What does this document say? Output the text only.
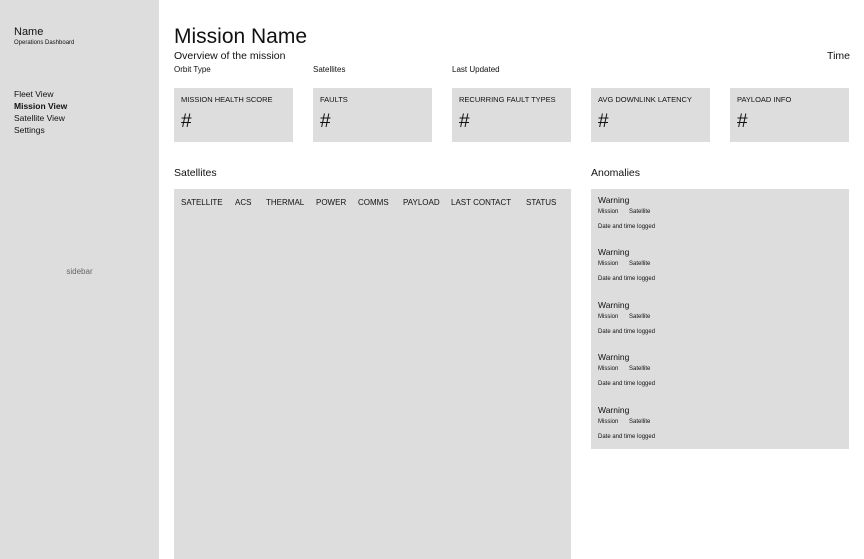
Name
Operations Dashboard
Fleet View
Mission View
Satellite View
Settings
sidebar
Mission Name
Overview of the mission	Time
Orbit Type	Satellites	Last Updated
MISSION HEALTH SCORE
#
FAULTS
#
RECURRING FAULT TYPES
#
AVG DOWNLINK LATENCY
#
PAYLOAD INFO
#
Satellites	Anomalies
SATELLITE ACS THERMAL POWER COMMS PAYLOAD LAST CONTACT STATUS	Warning
Mission Satellite
Date and time logged
Warning
Mission Satellite
Date and time logged
Warning
Mission Satellite
Date and time logged
Warning
Mission Satellite
Date and time logged
Warning
Mission Satellite
Date and time logged
